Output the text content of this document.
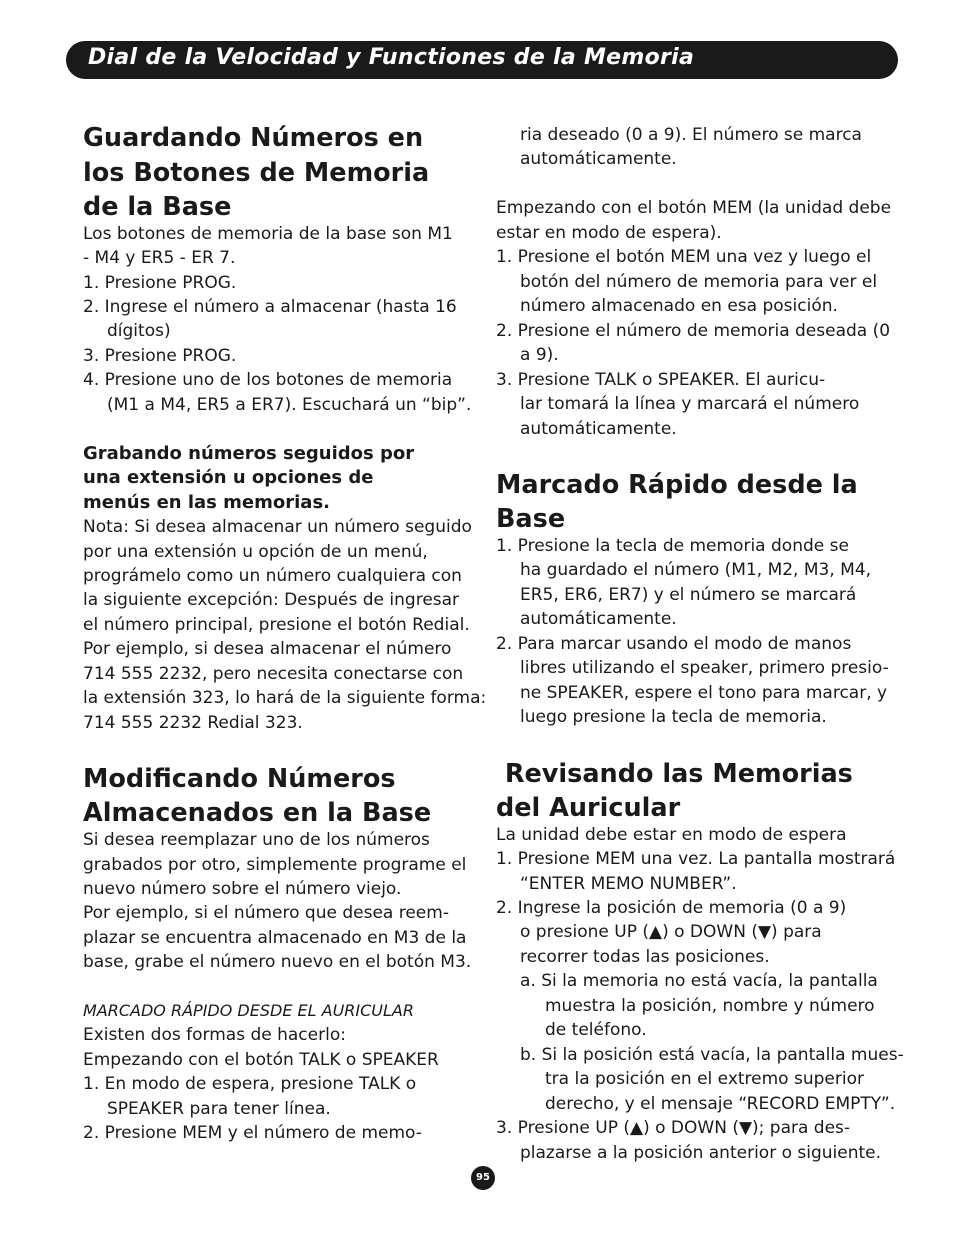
Dial de la Velocidad y Functiones de la Memoria
Guardando Números en
los Botones de Memoria
de la Base
Los botones de memoria de la base son M1
- M4 y ER5 - ER 7.
1. Presione PROG.
2. Ingrese el número a almacenar (hasta 16
dígitos)
3. Presione PROG.
4. Presione uno de los botones de memoria
(M1 a M4, ER5 a ER7). Escuchará un “bip”.
Grabando números seguidos por
una extensión u opciones de
menús en las memorias.
Nota: Si desea almacenar un número seguido
por una extensión u opción de un menú,
prográmelo como un número cualquiera con
la siguiente excepción: Después de ingresar
el número principal, presione el botón Redial.
Por ejemplo, si desea almacenar el número
714 555 2232, pero necesita conectarse con
la extensión 323, lo hará de la siguiente forma:
714 555 2232 Redial 323.
Modificando Números
Almacenados en la Base
Si desea reemplazar uno de los números
grabados por otro, simplemente programe el
nuevo número sobre el número viejo.
Por ejemplo, si el número que desea reem-
plazar se encuentra almacenado en M3 de la
base, grabe el número nuevo en el botón M3.
MARCADO RÁPIDO DESDE EL AURICULAR
Existen dos formas de hacerlo:
Empezando con el botón TALK o SPEAKER
1. En modo de espera, presione TALK o
SPEAKER para tener línea.
2. Presione MEM y el número de memo-
ria deseado (0 a 9). El número se marca
automáticamente.
Empezando con el botón MEM (la unidad debe
estar en modo de espera).
1. Presione el botón MEM una vez y luego el
botón del número de memoria para ver el
número almacenado en esa posición.
2. Presione el número de memoria deseada (0
a 9).
3. Presione TALK o SPEAKER. El auricu-
lar tomará la línea y marcará el número
automáticamente.
Marcado Rápido desde la
Base
1. Presione la tecla de memoria donde se
ha guardado el número (M1, M2, M3, M4,
ER5, ER6, ER7) y el número se marcará
automáticamente.
2. Para marcar usando el modo de manos
libres utilizando el speaker, primero presio-
ne SPEAKER, espere el tono para marcar, y
luego presione la tecla de memoria.
Revisando las Memorias
del Auricular
La unidad debe estar en modo de espera
1. Presione MEM una vez. La pantalla mostrará
“ENTER MEMO NUMBER”.
2. Ingrese la posición de memoria (0 a 9)
o presione UP (▲) o DOWN (▼) para
recorrer todas las posiciones.
a. Si la memoria no está vacía, la pantalla
muestra la posición, nombre y número
de teléfono.
b. Si la posición está vacía, la pantalla mues-
tra la posición en el extremo superior
derecho, y el mensaje “RECORD EMPTY”.
3. Presione UP (▲) o DOWN (▼); para des-
plazarse a la posición anterior o siguiente.
95
